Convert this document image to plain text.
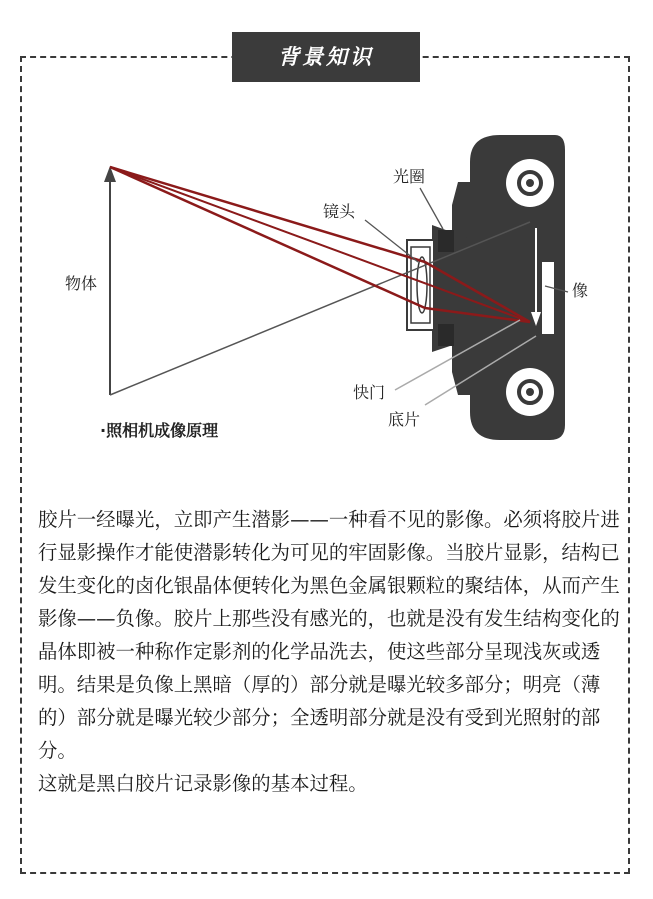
背景知识
物体
光圈
镜头
像
快门
底片
·照相机成像原理

胶片一经曝光，立即产生潜影——一种看不见的影像。必须将胶片进行显影操作才能使潜影转化为可见的牢固影像。当胶片显影，结构已发生变化的卤化银晶体便转化为黑色金属银颗粒的聚结体，从而产生影像——负像。胶片上那些没有感光的，也就是没有发生结构变化的晶体即被一种称作定影剂的化学品洗去，使这些部分呈现浅灰或透明。结果是负像上黑暗（厚的）部分就是曝光较多部分；明亮（薄的）部分就是曝光较少部分；全透明部分就是没有受到光照射的部分。

这就是黑白胶片记录影像的基本过程。
